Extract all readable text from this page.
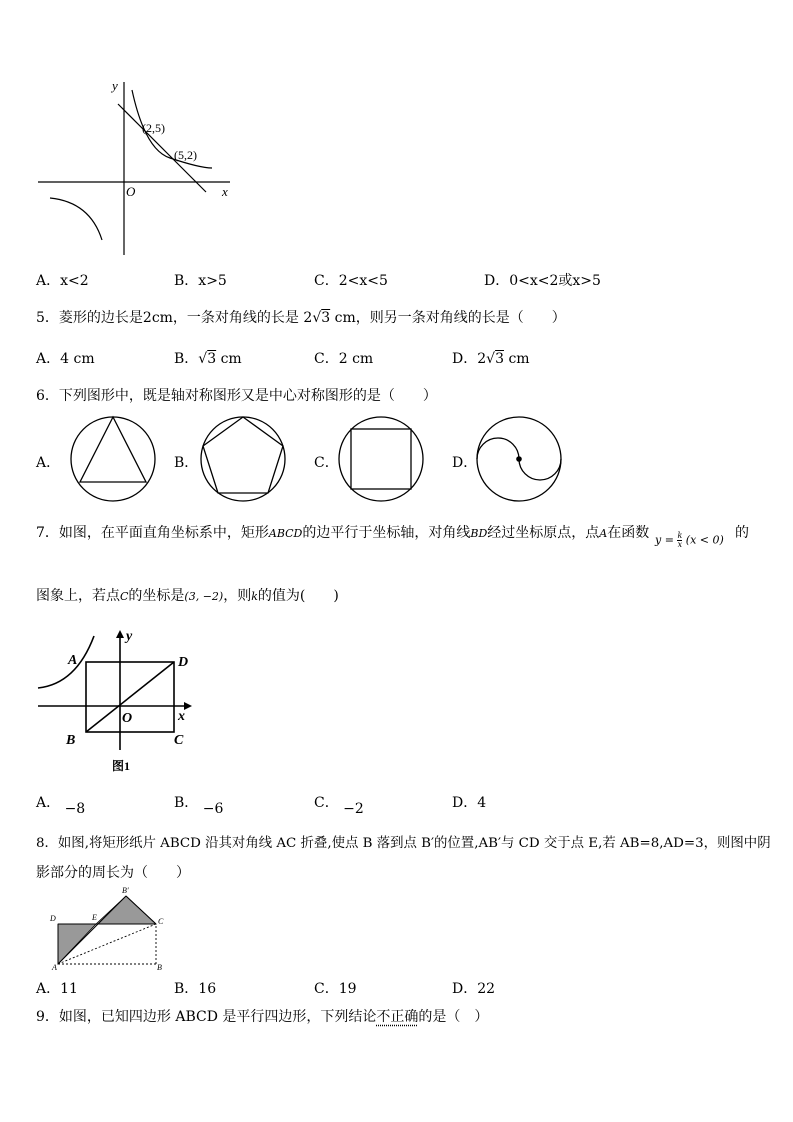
y
x
O
(2,5)
(5,2)
A．x<2	B．x>5	C．2<x<5	D．0<x<2或x>5
5．菱形的边长是2cm，一条对角线的长是 2√3 cm，则另一条对角线的长是（　　）
A．4 cm	B．√3 cm	C．2 cm	D．2√3 cm
6．下列图形中，既是轴对称图形又是中心对称图形的是（　　）
A．	B．	C．	D．
7．如图，在平面直角坐标系中，矩形ABCD的边平行于坐标轴，对角线BD经过坐标原点，点A在函数 $y = \frac{k}{x} (x < 0)$ 的
图象上，若点C的坐标是(3, −2)，则k的值为(　　)
A
B	C
D
O	x
y
图1
A． −8	B． −6	C． −2	D．4
8．如图,将矩形纸片 ABCD 沿其对角线 AC 折叠,使点 B 落到点 B′的位置,AB′与 CD 交于点 E,若 AB=8,AD=3，则图中阴
影部分的周长为（　　）
D
A
E
B′
C
B
A．11	B．16	C．19	D．22
9．如图，已知四边形 ABCD 是平行四边形，下列结论不正确的是（　）
